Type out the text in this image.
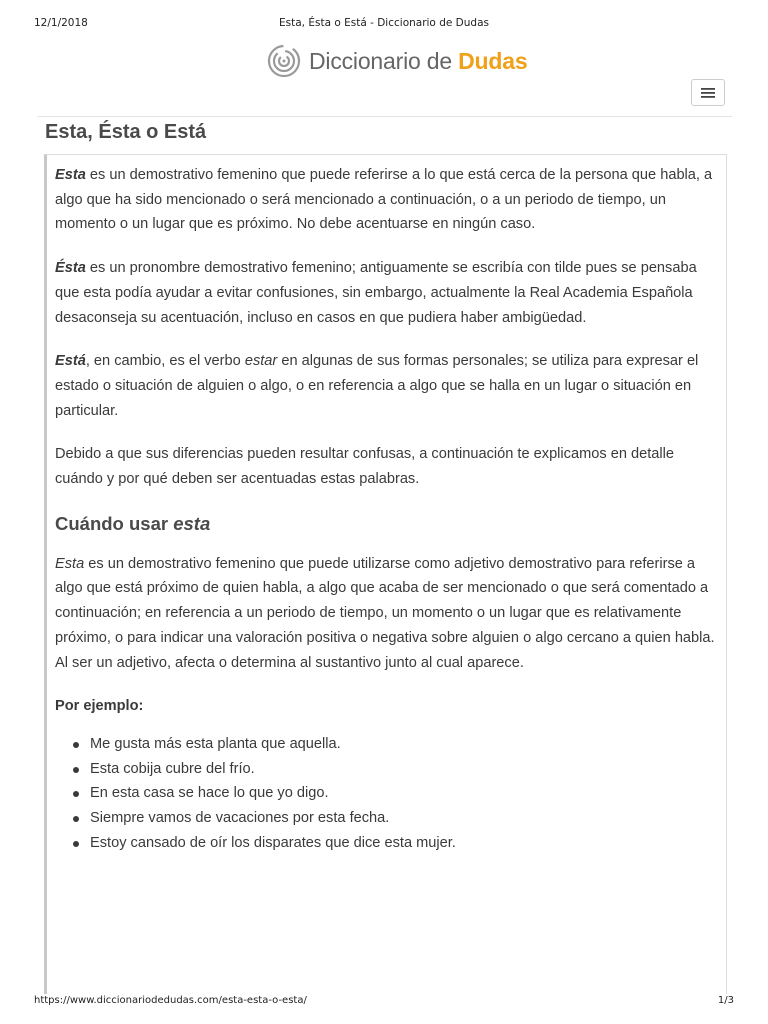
12/1/2018	Esta, Ésta o Está - Diccionario de Dudas
Diccionario de Dudas
Esta, Ésta o Está

Esta es un demostrativo femenino que puede referirse a lo que está cerca de la persona que habla, a algo que ha sido mencionado o será mencionado a continuación, o a un periodo de tiempo, un momento o un lugar que es próximo. No debe acentuarse en ningún caso.

Ésta es un pronombre demostrativo femenino; antiguamente se escribía con tilde pues se pensaba que esta podía ayudar a evitar confusiones, sin embargo, actualmente la Real Academia Española desaconseja su acentuación, incluso en casos en que pudiera haber ambigüedad.

Está, en cambio, es el verbo estar en algunas de sus formas personales; se utiliza para expresar el estado o situación de alguien o algo, o en referencia a algo que se halla en un lugar o situación en particular.

Debido a que sus diferencias pueden resultar confusas, a continuación te explicamos en detalle cuándo y por qué deben ser acentuadas estas palabras.

Cuándo usar esta

Esta es un demostrativo femenino que puede utilizarse como adjetivo demostrativo para referirse a algo que está próximo de quien habla, a algo que acaba de ser mencionado o que será comentado a continuación; en referencia a un periodo de tiempo, un momento o un lugar que es relativamente próximo, o para indicar una valoración positiva o negativa sobre alguien o algo cercano a quien habla. Al ser un adjetivo, afecta o determina al sustantivo junto al cual aparece.

Por ejemplo:
Me gusta más esta planta que aquella.
Esta cobija cubre del frío.
En esta casa se hace lo que yo digo.
Siempre vamos de vacaciones por esta fecha.
Estoy cansado de oír los disparates que dice esta mujer.
https://www.diccionariodedudas.com/esta-esta-o-esta/	1/3
